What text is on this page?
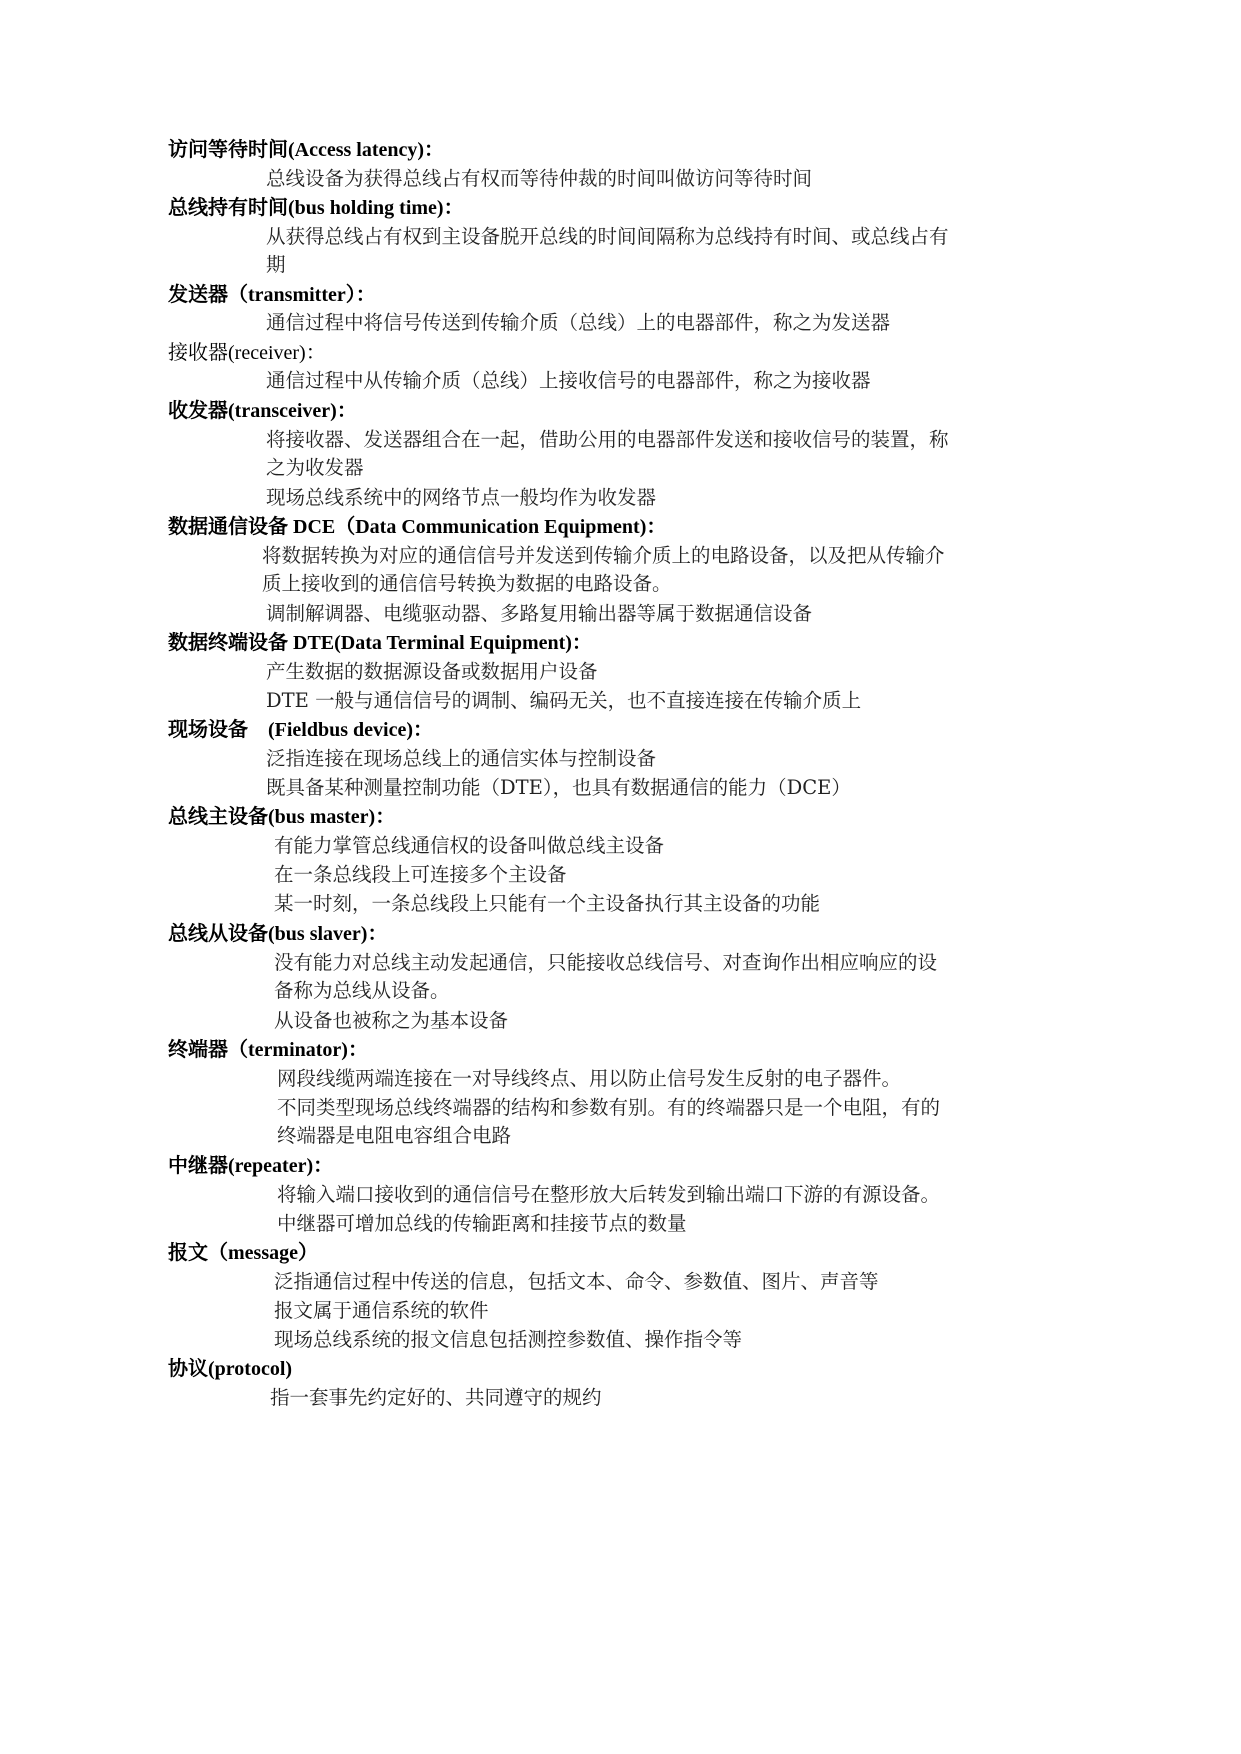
访问等待时间(Access latency)：
总线设备为获得总线占有权而等待仲裁的时间叫做访问等待时间
总线持有时间(bus holding time)：
从获得总线占有权到主设备脱开总线的时间间隔称为总线持有时间、或总线占有
期
发送器（transmitter）：
通信过程中将信号传送到传输介质（总线）上的电器部件，称之为发送器
接收器(receiver)：
通信过程中从传输介质（总线）上接收信号的电器部件，称之为接收器
收发器(transceiver)：
将接收器、发送器组合在一起，借助公用的电器部件发送和接收信号的装置，称
之为收发器
现场总线系统中的网络节点一般均作为收发器
数据通信设备 DCE（Data Communication Equipment)：
将数据转换为对应的通信信号并发送到传输介质上的电路设备，以及把从传输介
质上接收到的通信信号转换为数据的电路设备。
调制解调器、电缆驱动器、多路复用输出器等属于数据通信设备
数据终端设备 DTE(Data Terminal Equipment)：
产生数据的数据源设备或数据用户设备
DTE 一般与通信信号的调制、编码无关，也不直接连接在传输介质上
现场设备　(Fieldbus device)：
泛指连接在现场总线上的通信实体与控制设备
既具备某种测量控制功能（DTE），也具有数据通信的能力（DCE）
总线主设备(bus master)：
有能力掌管总线通信权的设备叫做总线主设备
在一条总线段上可连接多个主设备
某一时刻，一条总线段上只能有一个主设备执行其主设备的功能
总线从设备(bus slaver)：
没有能力对总线主动发起通信，只能接收总线信号、对查询作出相应响应的设
备称为总线从设备。
从设备也被称之为基本设备
终端器（terminator)：
网段线缆两端连接在一对导线终点、用以防止信号发生反射的电子器件。
不同类型现场总线终端器的结构和参数有别。有的终端器只是一个电阻，有的
终端器是电阻电容组合电路
中继器(repeater)：
将输入端口接收到的通信信号在整形放大后转发到输出端口下游的有源设备。
中继器可增加总线的传输距离和挂接节点的数量
报文（message）
泛指通信过程中传送的信息，包括文本、命令、参数值、图片、声音等
报文属于通信系统的软件
现场总线系统的报文信息包括测控参数值、操作指令等
协议(protocol)
指一套事先约定好的、共同遵守的规约
